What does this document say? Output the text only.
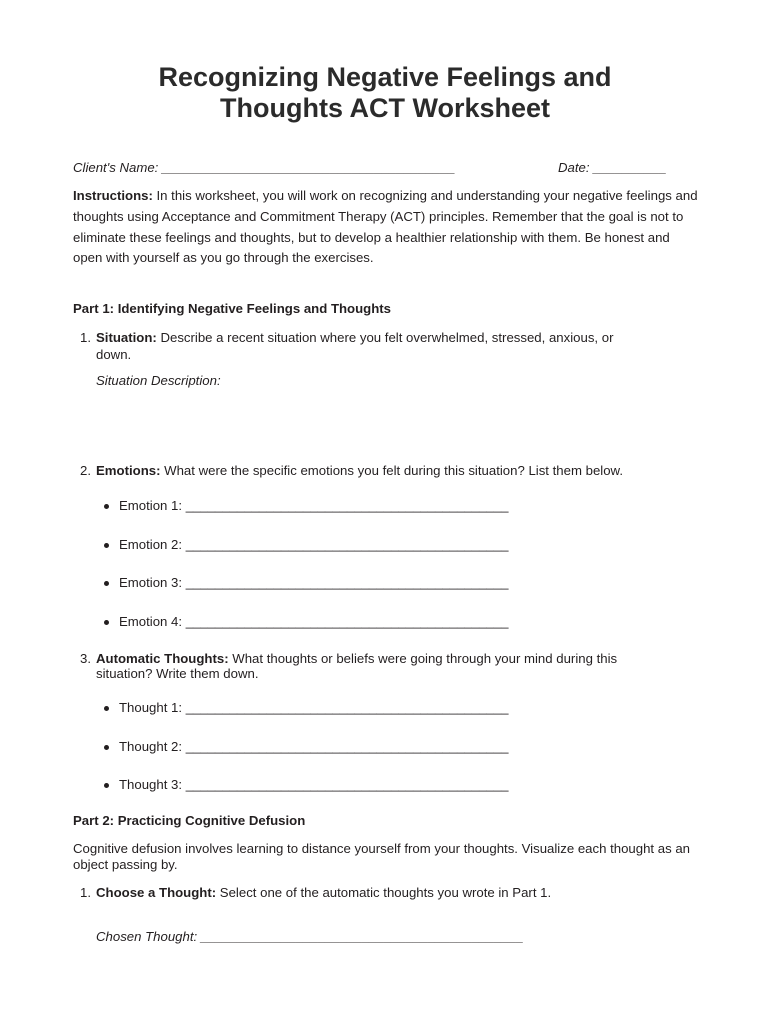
Recognizing Negative Feelings and
Thoughts ACT Worksheet
Client's Name: ________________________________________	Date: __________
Instructions: In this worksheet, you will work on recognizing and understanding your negative feelings and thoughts using Acceptance and Commitment Therapy (ACT) principles. Remember that the goal is not to eliminate these feelings and thoughts, but to develop a healthier relationship with them. Be honest and open with yourself as you go through the exercises.
Part 1: Identifying Negative Feelings and Thoughts
1. Situation: Describe a recent situation where you felt overwhelmed, stressed, anxious, or
down.
Situation Description:
2. Emotions: What were the specific emotions you felt during this situation? List them below.
Emotion 1: ____________________________________________
Emotion 2: ____________________________________________
Emotion 3: ____________________________________________
Emotion 4: ____________________________________________
3. Automatic Thoughts: What thoughts or beliefs were going through your mind during this
situation? Write them down.
Thought 1: ____________________________________________
Thought 2: ____________________________________________
Thought 3: ____________________________________________
Part 2: Practicing Cognitive Defusion
Cognitive defusion involves learning to distance yourself from your thoughts. Visualize each thought as an object passing by.
1. Choose a Thought: Select one of the automatic thoughts you wrote in Part 1.
Chosen Thought: ____________________________________________
